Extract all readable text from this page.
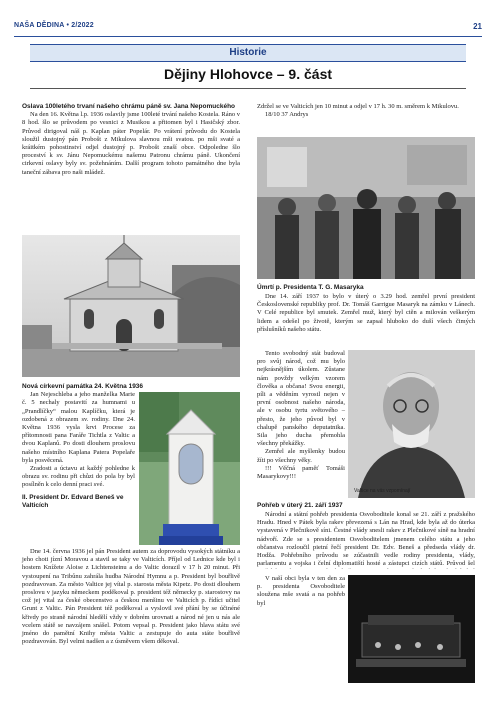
NAŠA DĚDINA • 2/2022	21
Historie
Dějiny Hlohovce – 9. část

Oslava 100letého trvaní našeho chrámu páně sv. Jana Nepomuckého

Na den 16. Května l.p. 1936 oslavily jsme 100leté trvání našeho Kostela. Ráno v 8 hod. šlo se průvodem po vesnici z Musikou a přitomen byl i Hasičský zbor. Průvod dirigoval náš p. Kaplan páter Popelár. Po vrátení průvodu do Kostela sloužil dustojný pán Probošt z Mikulova slavnou mši svatou. po mši svaté a kráitkém pohostinství odjel dustojný p. Probošt znaší obce. Odpoledne šlo proceství k sv. Jánu Nepomuckému našemu Patronu chrámu páně. Ukončení cirkevní oslavy byly sv. požehnáním. Další program tohoto památného dne byla taneční zábava pro naši mládež.

Nová církevní památka 24. Května 1936

Jan Nejeschleba a jeho manželka Marie č. 5 nechaly postavití za humnami u „Prandlíčky“ malou Kaplíčku, která je ozdobená z obrazem sv. rodiny. Dne 24. Května 1936 vysla krvi Procese za přítomnosti pana Faráře Tichtla z Valtic a dvou Kaplanů. Po dosti dlouhem proslovu našeho místního Kaplana Patera Popelaře byla posvěcená.

Zradosti a úctavu at každý pohledne k obrazu sv. rodinu při chůzi do pola by byl posílněn k celo denní praci své.

II. President Dr. Edvard Beneš ve Valticích

Dne 14. června 1936 jel pán President autem za doprovodu vysokých státníku a jeho choti jízní Moravou a stavil se taky ve Valticích. Příjel od Lednice kde byl i hostem Knížete Aloise z Lichtensteinu a do Valtic dorazil v 17 h 20 minut. Při vystoupení na Tribůnu zahrála hudba Národní Hymnu a p. President byl bouřlivě pozdravovan. Za město Valtice jej vítal p. starosta města Kipetz. Po dosti dlouhem proslovu v jazyku německem poděkoval p. president též německy p. starostovy na což jej vital za české obecenstvo a českou menšinu ve Valticích p. řídíci učitel Grunt z Valtic. Pán President též poděkoval a vyslovil své přání by se účinéné křivdy po straně národní hledělí vždy v dobrém urovnati a národ né jen u nás ale vcelem státě se navzájem snášel. Potom vepsal p. President jako hlava státu své jméno do pamětní Knihy města Valtic a zestupuje do auta státe bouřlivě pozdravován. Byl velmi nadšen a z úsměvem všem děkoval.

Zdržel se ve Valticích jen 10 minut a odjel v 17 h. 30 m. směrem k Mikulovu.

18/10 37 Andrys

Úmrtí p. Presidenta T. G. Masaryka

Dne 14. září 1937 to bylo v úterý o 3.29 hod. zemřel první president Československé republiky prof. Dr. Tomáš Garrigue Masaryk na zámku v Lánech. V Celé republice byl smutek. Zemřel muž, který byl ctěn a milován veškerým lidem a odešel po životě, kterým se zapsal hluboko do duší všech čimých příslušníků našeho státu.

Tento svobodný stát budoval pro svůj národ, což mu bylo nejkrásnějším úkolem. Zůstane nám povždy velkým vzorem člověka a občana! Svou energii, píli a věděním vyrostl nejen v první osobnost našeho národa, ale v osobu tyrtu světového – přesto, že jeho původ byl v chalupě panského deputatnika. Sila jeho ducha přemohla všechny překážky.

Zemřel ale myšlenky budou žíti po všechny věky.

!!! Věčná paměť Tomáši Masarykovy!!!

Valtice na vás vzpomínají

Pohřeb v úterý 21. září 1937

Národní a státní pohřeb presidenta Osvoboditele konal se 21. září z pražského Hradu. Hned v Pátek byla rakev převezená s Lán na Hrad, kde byla až do úterka vystavená v Plečnikově síni. Čestné vlády snesli rakev z Plečnikové síně na hradní nádvoří. Zde se s presidentem Osvoboditelem jmenem celého státu a jeho občanstva rozloučil pietní řečí president Dr. Edv. Beneš a předseda vlády dr. Hodža. Pohřebního průvodu se zúčastnili vedle rodiny presidenta, vlády, parlamentu a vojska i čelní diplomatiští hosté a zástupci cizích států. Průvod šel

V naší obci byla v ten den za p. presidenta Osvoboditele sloužena mše svatá a na pohřeb byl
